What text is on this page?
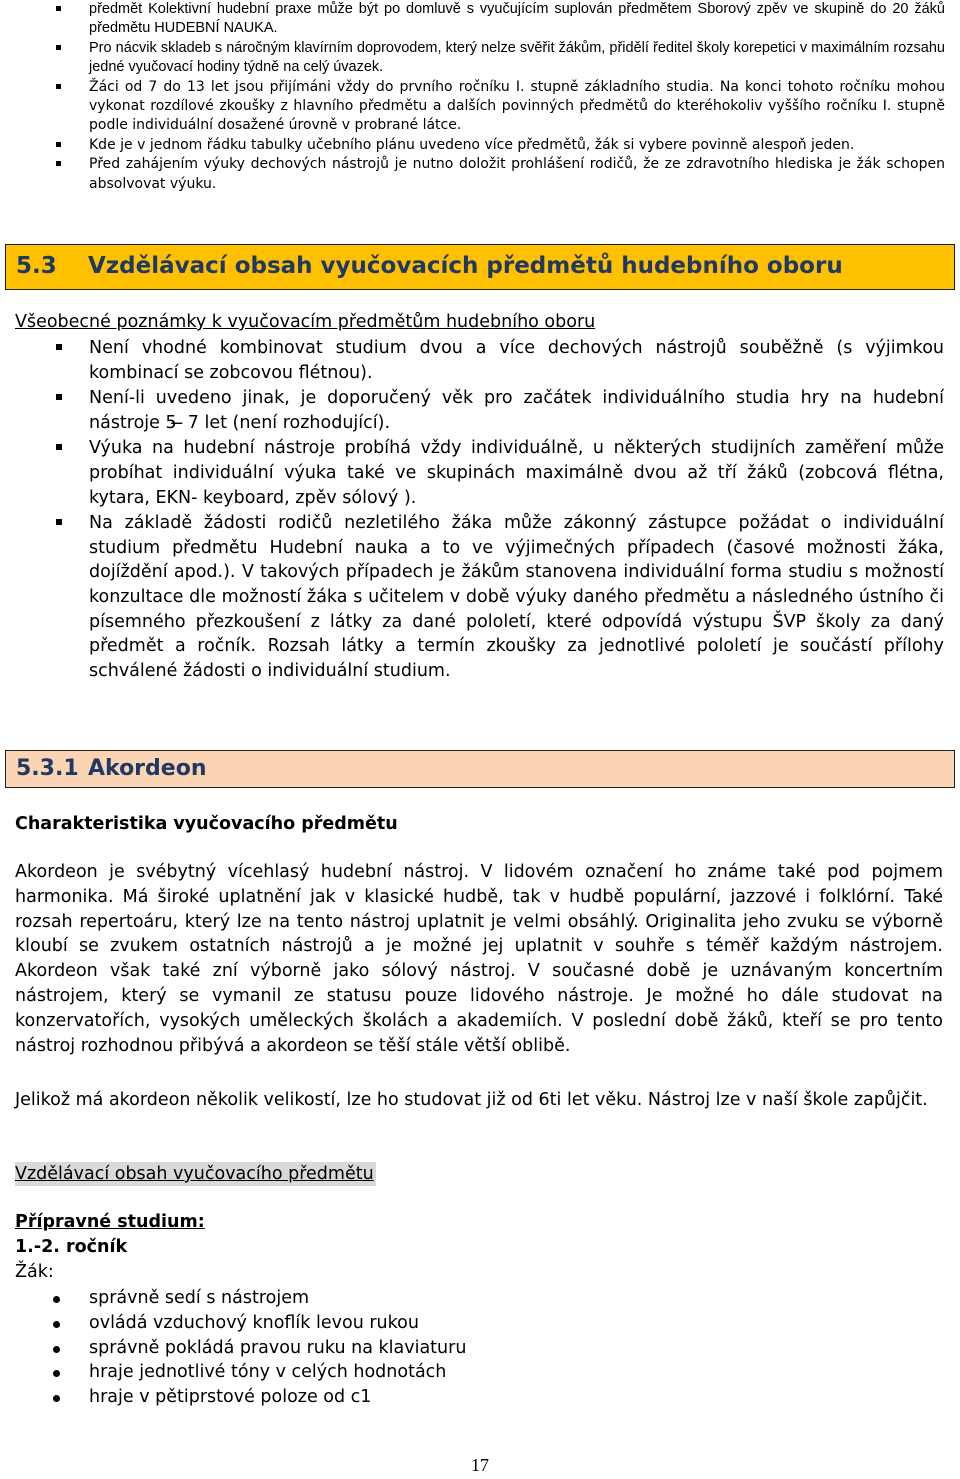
předmět Kolektivní hudební praxe může být po domluvě s vyučujícím suplován předmětem Sborový zpěv ve skupině do 20 žáků předmětu HUDEBNÍ NAUKA.
Pro nácvik skladeb s náročným klavírním doprovodem, který nelze svěřit žákům, přidělí ředitel školy korepetici v maximálním rozsahu jedné vyučovací hodiny týdně na celý úvazek.
Žáci od 7 do 13 let jsou přijímáni vždy do prvního ročníku I. stupně základního studia. Na konci tohoto ročníku mohou vykonat rozdílové zkoušky z hlavního předmětu a dalších povinných předmětů do kteréhokoliv vyššího ročníku I. stupně podle individuální dosažené úrovně v probrané látce.
Kde je v jednom řádku tabulky učebního plánu uvedeno více předmětů, žák si vybere povinně alespoň jeden.
Před zahájením výuky dechových nástrojů je nutno doložit prohlášení rodičů, že ze zdravotního hlediska je žák schopen absolvovat výuku.
5.3 Vzdělávací obsah vyučovacích předmětů hudebního oboru
Všeobecné poznámky k vyučovacím předmětům hudebního oboru
Není vhodné kombinovat studium dvou a více dechových nástrojů souběžně (s výjimkou kombinací se zobcovou flétnou).
Není-li uvedeno jinak, je doporučený věk pro začátek individuálního studia hry na hudební nástroje 5 ̶ 7 let (není rozhodující).
Výuka na hudební nástroje probíhá vždy individuálně, u některých studijních zaměření může probíhat individuální výuka také ve skupinách maximálně dvou až tří žáků (zobcová flétna, kytara, EKN- keyboard, zpěv sólový ).
Na základě žádosti rodičů nezletilého žáka může zákonný zástupce požádat o individuální studium předmětu Hudební nauka a to ve výjimečných případech (časové možnosti žáka, dojíždění apod.). V takových případech je žákům stanovena individuální forma studiu s možností konzultace dle možností žáka s učitelem v době výuky daného předmětu a následného ústního či písemného přezkoušení z látky za dané pololetí, které odpovídá výstupu ŠVP školy za daný předmět a ročník. Rozsah látky a termín zkoušky za jednotlivé pololetí je součástí přílohy schválené žádosti o individuální studium.
5.3.1 Akordeon
Charakteristika vyučovacího předmětu
Akordeon je svébytný vícehlasý hudební nástroj. V lidovém označení ho známe také pod pojmem harmonika. Má široké uplatnění jak v klasické hudbě, tak v hudbě populární, jazzové i folklórní. Také rozsah repertoáru, který lze na tento nástroj uplatnit je velmi obsáhlý. Originalita jeho zvuku se výborně kloubí se zvukem ostatních nástrojů a je možné jej uplatnit v souhře s téměř každým nástrojem. Akordeon však také zní výborně jako sólový nástroj. V současné době je uznávaným koncertním nástrojem, který se vymanil ze statusu pouze lidového nástroje. Je možné ho dále studovat na konzervatořích, vysokých uměleckých školách a akademiích. V poslední době žáků, kteří se pro tento nástroj rozhodnou přibývá a akordeon se těší stále větší oblibě.
Jelikož má akordeon několik velikostí, lze ho studovat již od 6ti let věku. Nástroj lze v naší škole zapůjčit.
Vzdělávací obsah vyučovacího předmětu
Přípravné studium:
1.-2. ročník
Žák:
správně sedí s nástrojem
ovládá vzduchový knoflík levou rukou
správně pokládá pravou ruku na klaviaturu
hraje jednotlivé tóny v celých hodnotách
hraje v pětiprstové poloze od c1
17
